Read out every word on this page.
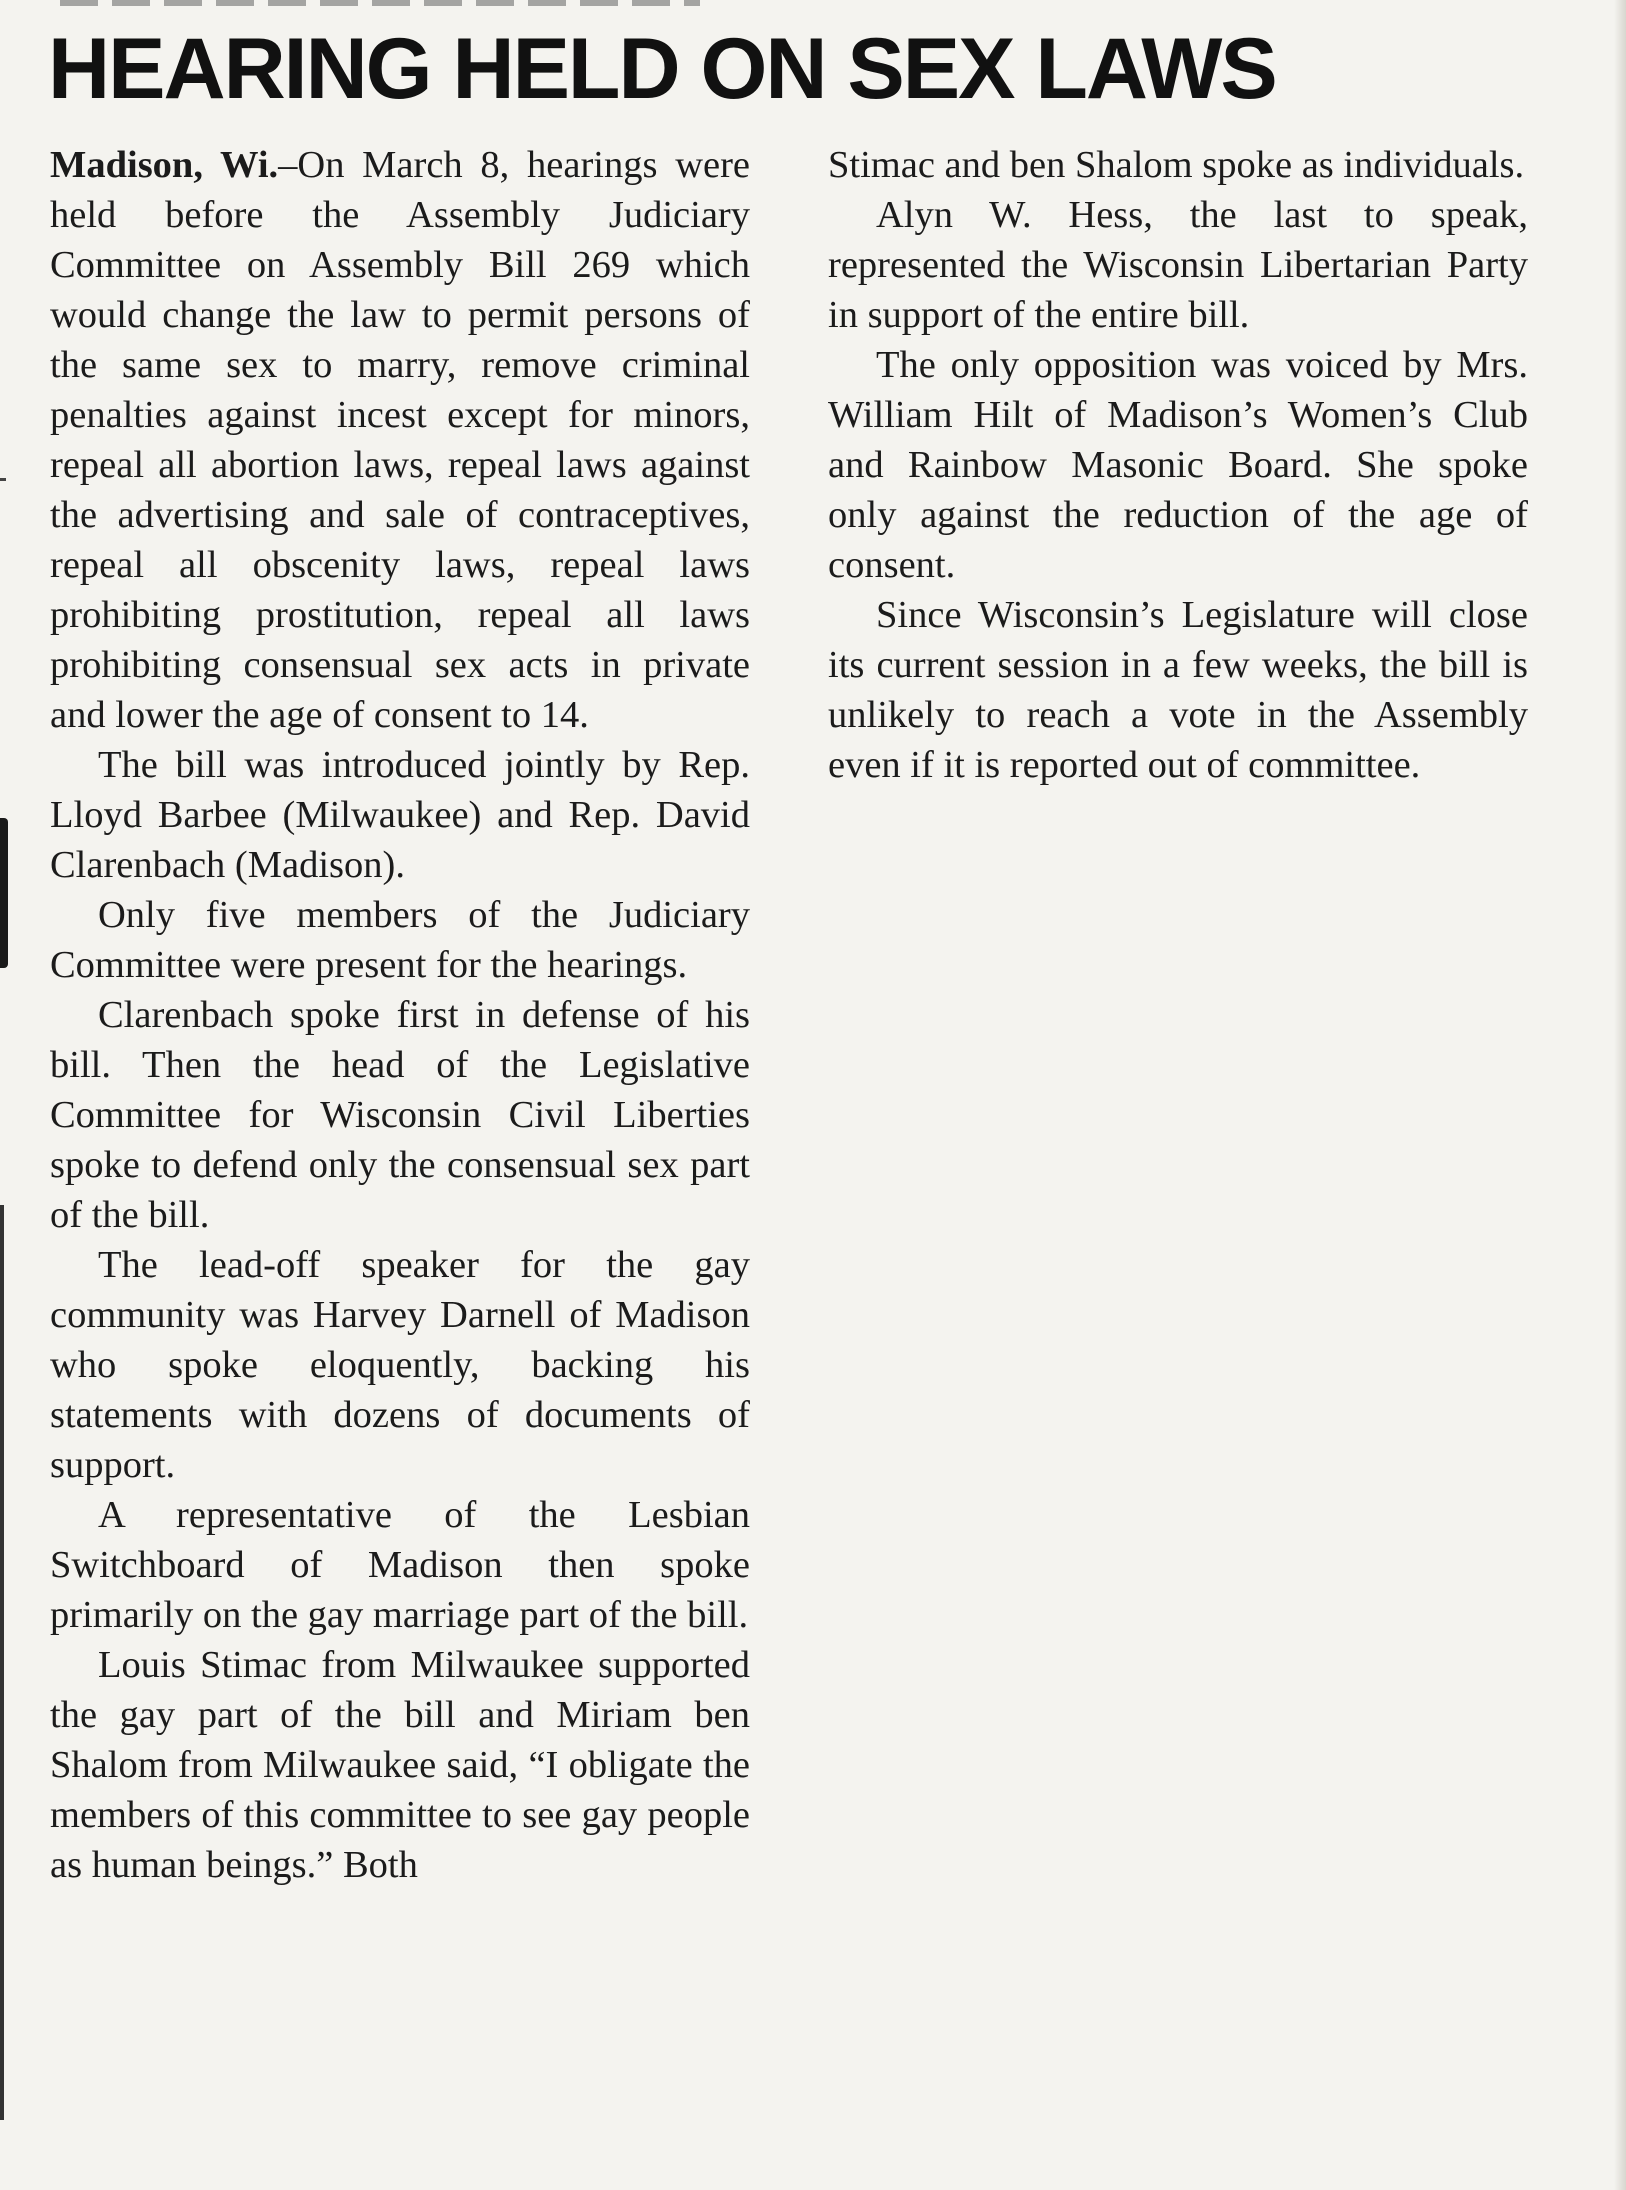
HEARING HELD ON SEX LAWS

Madison, Wi.–On March 8, hearings were held before the Assembly Judiciary Committee on Assembly Bill 269 which would change the law to permit persons of the same sex to marry, remove criminal penalties against incest except for minors, repeal all abortion laws, repeal laws against the advertising and sale of contraceptives, repeal all obscenity laws, repeal laws prohibiting prostitution, repeal all laws prohibiting consensual sex acts in private and lower the age of consent to 14.

The bill was introduced jointly by Rep. Lloyd Barbee (Milwaukee) and Rep. David Clarenbach (Madison).

Only five members of the Judiciary Committee were present for the hearings.

Clarenbach spoke first in defense of his bill. Then the head of the Legislative Committee for Wisconsin Civil Liberties spoke to defend only the consensual sex part of the bill.

The lead-off speaker for the gay community was Harvey Darnell of Madison who spoke eloquently, backing his statements with dozens of documents of support.

A representative of the Lesbian Switchboard of Madison then spoke primarily on the gay marriage part of the bill.

Louis Stimac from Milwaukee supported the gay part of the bill and Miriam ben Shalom from Milwaukee said, “I obligate the members of this committee to see gay people as human beings.” Both

Stimac and ben Shalom spoke as individuals.

Alyn W. Hess, the last to speak, represented the Wisconsin Libertarian Party in support of the entire bill.

The only opposition was voiced by Mrs. William Hilt of Madison’s Women’s Club and Rainbow Masonic Board. She spoke only against the reduction of the age of consent.

Since Wisconsin’s Legislature will close its current session in a few weeks, the bill is unlikely to reach a vote in the Assembly even if it is reported out of committee.
